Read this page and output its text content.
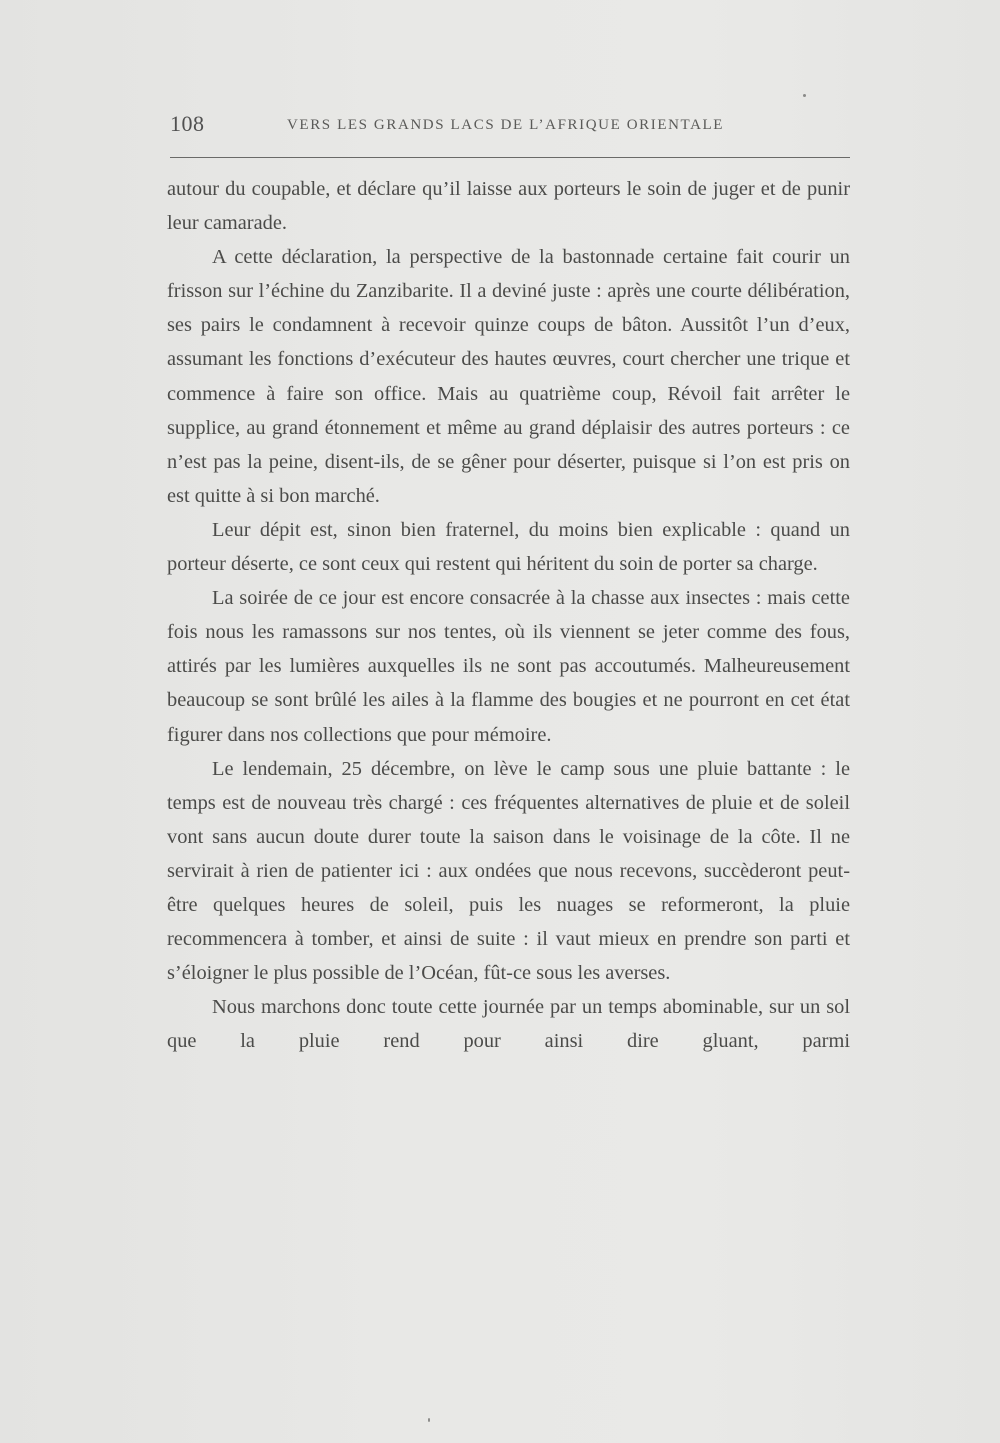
108	VERS LES GRANDS LACS DE L’AFRIQUE ORIENTALE

autour du coupable, et déclare qu’il laisse aux porteurs le soin de juger et de punir leur camarade.

A cette déclaration, la perspective de la bastonnade certaine fait courir un frisson sur l’échine du Zanzibarite. Il a deviné juste : après une courte délibération, ses pairs le condamnent à recevoir quinze coups de bâton. Aussitôt l’un d’eux, assumant les fonctions d’exécuteur des hautes œuvres, court chercher une trique et commence à faire son office. Mais au quatrième coup, Révoil fait arrêter le supplice, au grand étonnement et même au grand déplaisir des autres porteurs : ce n’est pas la peine, disent-ils, de se gêner pour déserter, puisque si l’on est pris on est quitte à si bon marché.

Leur dépit est, sinon bien fraternel, du moins bien explicable : quand un porteur déserte, ce sont ceux qui restent qui héritent du soin de porter sa charge.

La soirée de ce jour est encore consacrée à la chasse aux insectes : mais cette fois nous les ramassons sur nos tentes, où ils viennent se jeter comme des fous, attirés par les lumières auxquelles ils ne sont pas accoutumés. Malheureusement beaucoup se sont brûlé les ailes à la flamme des bougies et ne pourront en cet état figurer dans nos collections que pour mémoire.

Le lendemain, 25 décembre, on lève le camp sous une pluie battante : le temps est de nouveau très chargé : ces fréquentes alternatives de pluie et de soleil vont sans aucun doute durer toute la saison dans le voisinage de la côte. Il ne servirait à rien de patienter ici : aux ondées que nous recevons, succèderont peut-être quelques heures de soleil, puis les nuages se reformeront, la pluie recommencera à tomber, et ainsi de suite : il vaut mieux en prendre son parti et s’éloigner le plus possible de l’Océan, fût-ce sous les averses.

Nous marchons donc toute cette journée par un temps abominable, sur un sol que la pluie rend pour ainsi dire gluant, parmi
